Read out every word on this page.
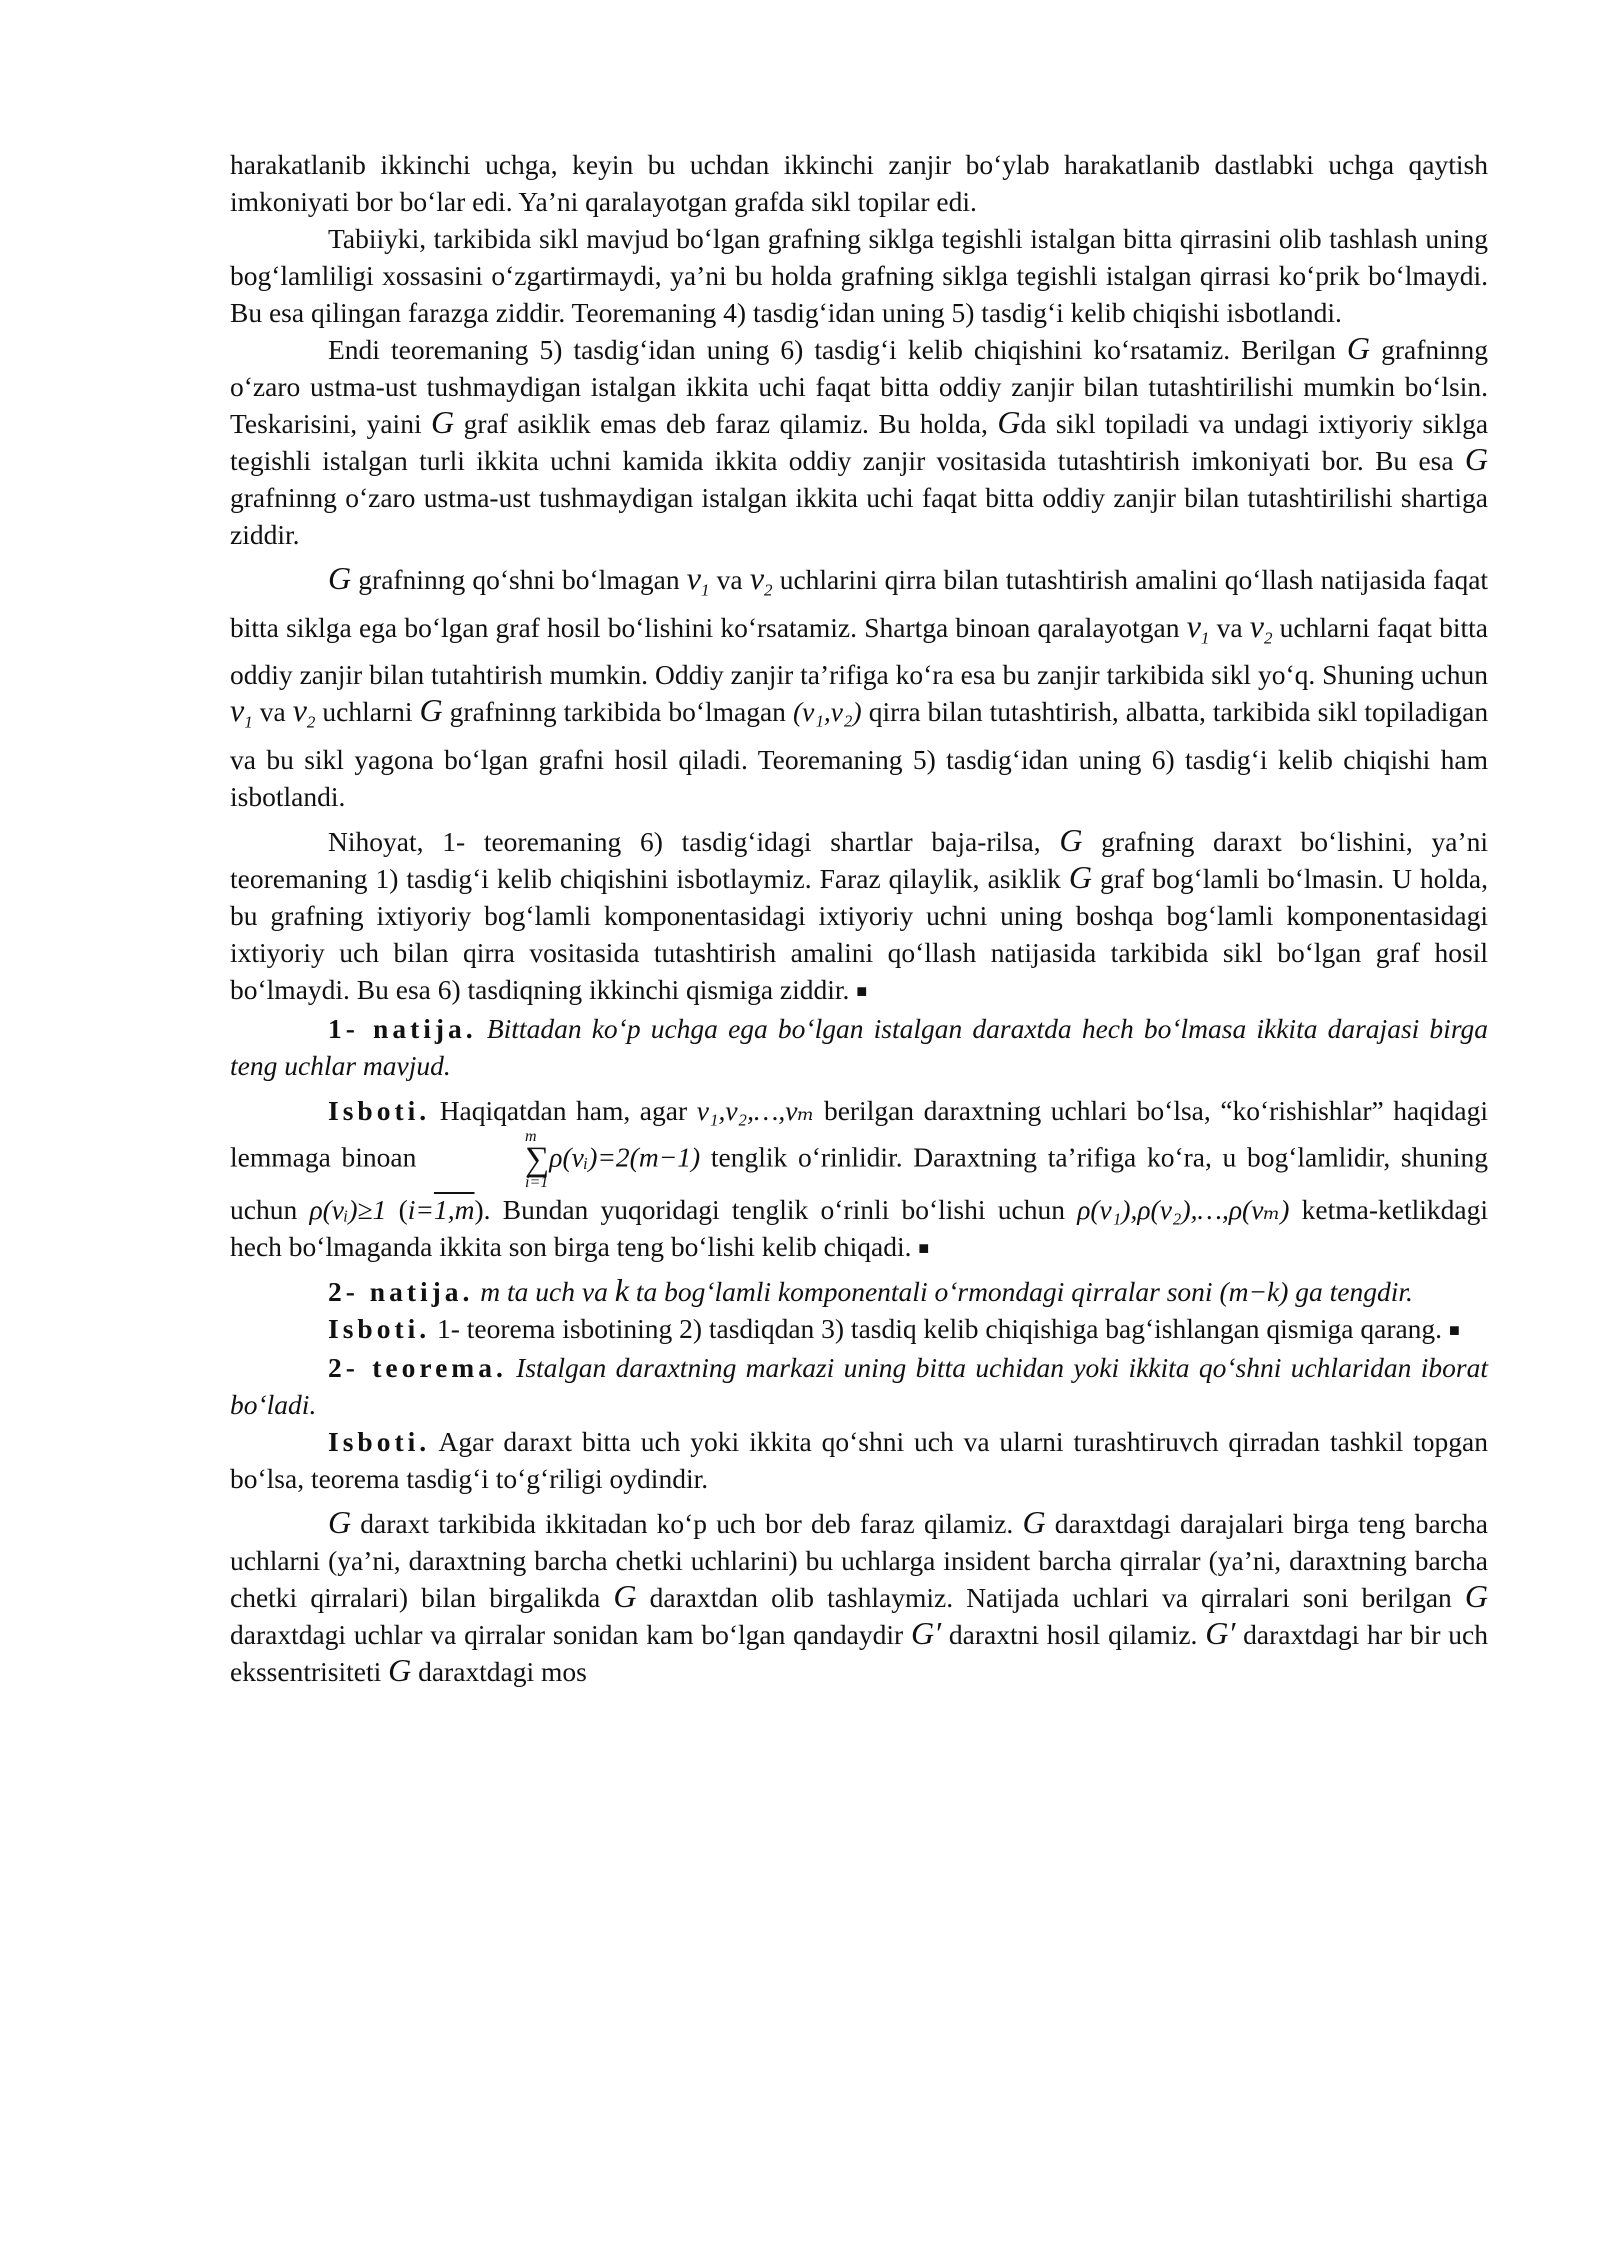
harakatlanib ikkinchi uchga, keyin bu uchdan ikkinchi zanjir bo‘ylab harakatlanib dastlabki uchga qaytish imkoniyati bor bo‘lar edi. Ya’ni qaralayotgan grafda sikl topilar edi.

Tabiiyki, tarkibida sikl mavjud bo‘lgan grafning siklga tegishli istalgan bitta qirrasini olib tashlash uning bog‘lamliligi xossasini o‘zgartirmaydi, ya’ni bu holda grafning siklga tegishli istalgan qirrasi ko‘prik bo‘lmaydi. Bu esa qilingan farazga ziddir. Teoremaning 4) tasdig‘idan uning 5) tasdig‘i kelib chiqishi isbotlandi.

Endi teoremaning 5) tasdig‘idan uning 6) tasdig‘i kelib chiqishini ko‘rsatamiz. Berilgan G grafninng o‘zaro ustma-ust tushmaydigan istalgan ikkita uchi faqat bitta oddiy zanjir bilan tutashtirilishi mumkin bo‘lsin. Teskarisini, yaini G graf asiklik emas deb faraz qilamiz. Bu holda, Gda sikl topiladi va undagi ixtiyoriy siklga tegishli istalgan turli ikkita uchni kamida ikkita oddiy zanjir vositasida tutashtirish imkoniyati bor. Bu esa G grafninng o‘zaro ustma-ust tushmaydigan istalgan ikkita uchi faqat bitta oddiy zanjir bilan tutashtirilishi shartiga ziddir.

G grafninng qo‘shni bo‘lmagan $v_1$ va $v_2$ uchlarini qirra bilan tutashtirish amalini qo‘llash natijasida faqat bitta siklga ega bo‘lgan graf hosil bo‘lishini ko‘rsatamiz. Shartga binoan qaralayotgan $v_1$ va $v_2$ uchlarni faqat bitta oddiy zanjir bilan tutahtirish mumkin. Oddiy zanjir ta’rifiga ko‘ra esa bu zanjir tarkibida sikl yo‘q. Shuning uchun $v_1$ va $v_2$ uchlarni G grafninng tarkibida bo‘lmagan (v₁,v₂) qirra bilan tutashtirish, albatta, tarkibida sikl topiladigan va bu sikl yagona bo‘lgan grafni hosil qiladi. Teoremaning 5) tasdig‘idan uning 6) tasdig‘i kelib chiqishi ham isbotlandi.

Nihoyat, 1- teoremaning 6) tasdig‘idagi shartlar baja-rilsa, G grafning daraxt bo‘lishini, ya’ni teoremaning 1) tasdig‘i kelib chiqishini isbotlaymiz. Faraz qilaylik, asiklik G graf bog‘lamli bo‘lmasin. U holda, bu grafning ixtiyoriy bog‘lamli komponentasidagi ixtiyoriy uchni uning boshqa bog‘lamli komponentasidagi ixtiyoriy uch bilan qirra vositasida tutashtirish amalini qo‘llash natijasida tarkibida sikl bo‘lgan graf hosil bo‘lmaydi. Bu esa 6) tasdiqning ikkinchi qismiga ziddir. ■

1- natija. Bittadan ko‘p uchga ega bo‘lgan istalgan daraxtda hech bo‘lmasa ikkita darajasi birga teng uchlar mavjud.

Isboti. Haqiqatdan ham, agar v₁,v₂,…,vₘ berilgan daraxtning uchlari bo‘lsa, “ko‘rishishlar” haqidagi lemmaga binoan
m
∑
i=1
ρ(vᵢ)=2(m−1) tenglik o‘rinlidir. Daraxtning ta’rifiga ko‘ra, u bog‘lamlidir, shuning uchun ρ(vᵢ)≥1 (i=1,m). Bundan yuqoridagi tenglik o‘rinli bo‘lishi uchun ρ(v₁),ρ(v₂),…,ρ(vₘ) ketma-ketlikdagi hech bo‘lmaganda ikkita son birga teng bo‘lishi kelib chiqadi. ■

2- natija. m ta uch va k ta bog‘lamli komponentali o‘rmondagi qirralar soni (m−k) ga tengdir.

Isboti. 1- teorema isbotining 2) tasdiqdan 3) tasdiq kelib chiqishiga bag‘ishlangan qismiga qarang. ■

2- teorema. Istalgan daraxtning markazi uning bitta uchidan yoki ikkita qo‘shni uchlaridan iborat bo‘ladi.

Isboti. Agar daraxt bitta uch yoki ikkita qo‘shni uch va ularni turashtiruvch qirradan tashkil topgan bo‘lsa, teorema tasdig‘i to‘g‘riligi oydindir.

G daraxt tarkibida ikkitadan ko‘p uch bor deb faraz qilamiz. G daraxtdagi darajalari birga teng barcha uchlarni (ya’ni, daraxtning barcha chetki uchlarini) bu uchlarga insident barcha qirralar (ya’ni, daraxtning barcha chetki qirralari) bilan birgalikda G daraxtdan olib tashlaymiz. Natijada uchlari va qirralari soni berilgan G daraxtdagi uchlar va qirralar sonidan kam bo‘lgan qandaydir G′ daraxtni hosil qilamiz. G′ daraxtdagi har bir uch ekssentrisiteti G daraxtdagi mos
